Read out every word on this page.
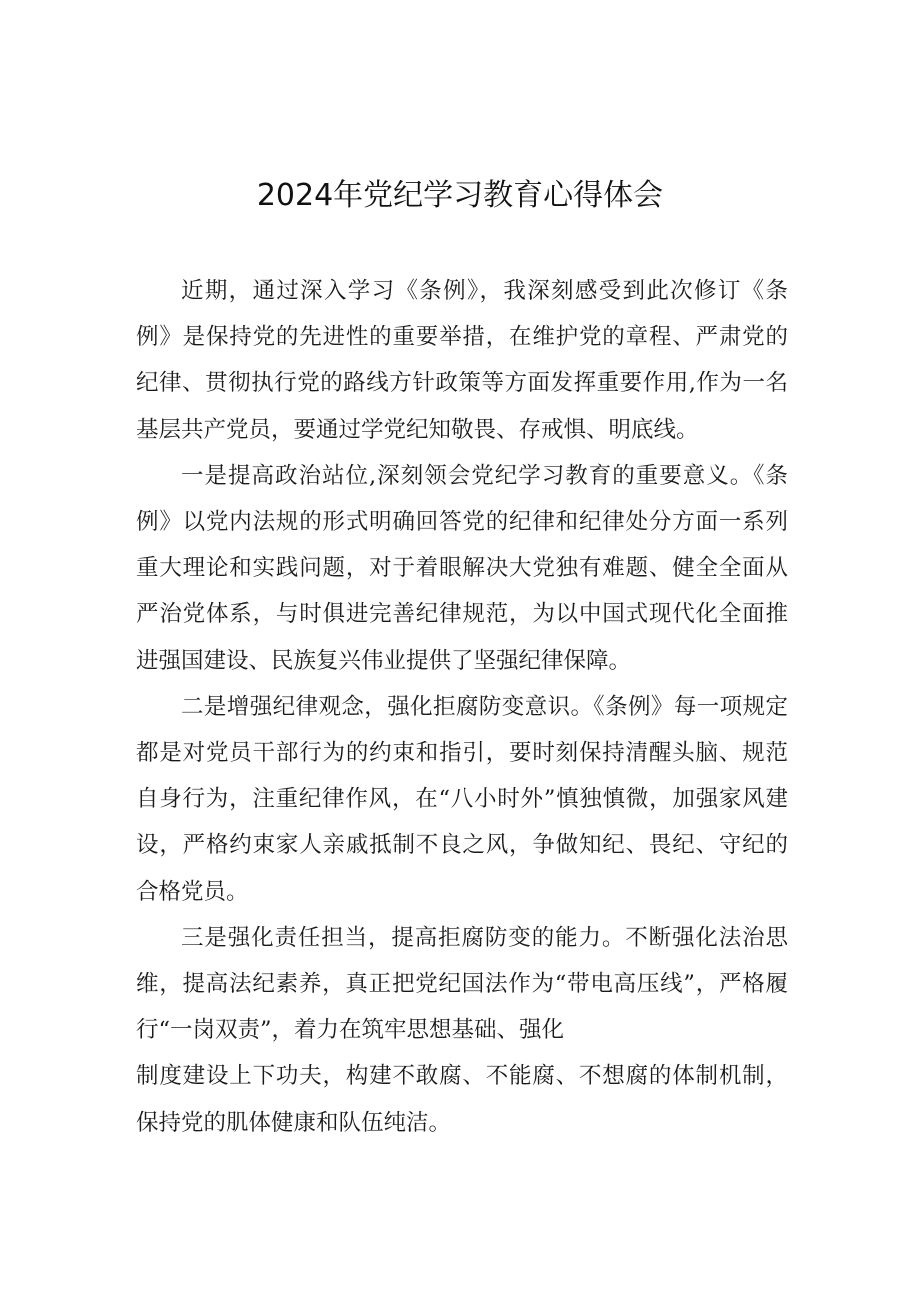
2024年党纪学习教育心得体会

近期，通过深入学习《条例》，我深刻感受到此次修订《条例》是保持党的先进性的重要举措，在维护党的章程、严肃党的纪律、贯彻执行党的路线方针政策等方面发挥重要作用,作为一名基层共产党员，要通过学党纪知敬畏、存戒惧、明底线。

一是提高政治站位,深刻领会党纪学习教育的重要意义。《条例》以党内法规的形式明确回答党的纪律和纪律处分方面一系列重大理论和实践问题，对于着眼解决大党独有难题、健全全面从严治党体系，与时俱进完善纪律规范，为以中国式现代化全面推进强国建设、民族复兴伟业提供了坚强纪律保障。

二是增强纪律观念，强化拒腐防变意识。《条例》每一项规定都是对党员干部行为的约束和指引，要时刻保持清醒头脑、规范自身行为，注重纪律作风，在“八小时外”慎独慎微，加强家风建设，严格约束家人亲戚抵制不良之风，争做知纪、畏纪、守纪的合格党员。

三是强化责任担当，提高拒腐防变的能力。不断强化法治思维，提高法纪素养，真正把党纪国法作为“带电高压线”，严格履行“一岗双责”，着力在筑牢思想基础、强化

制度建设上下功夫，构建不敢腐、不能腐、不想腐的体制机制，保持党的肌体健康和队伍纯洁。
